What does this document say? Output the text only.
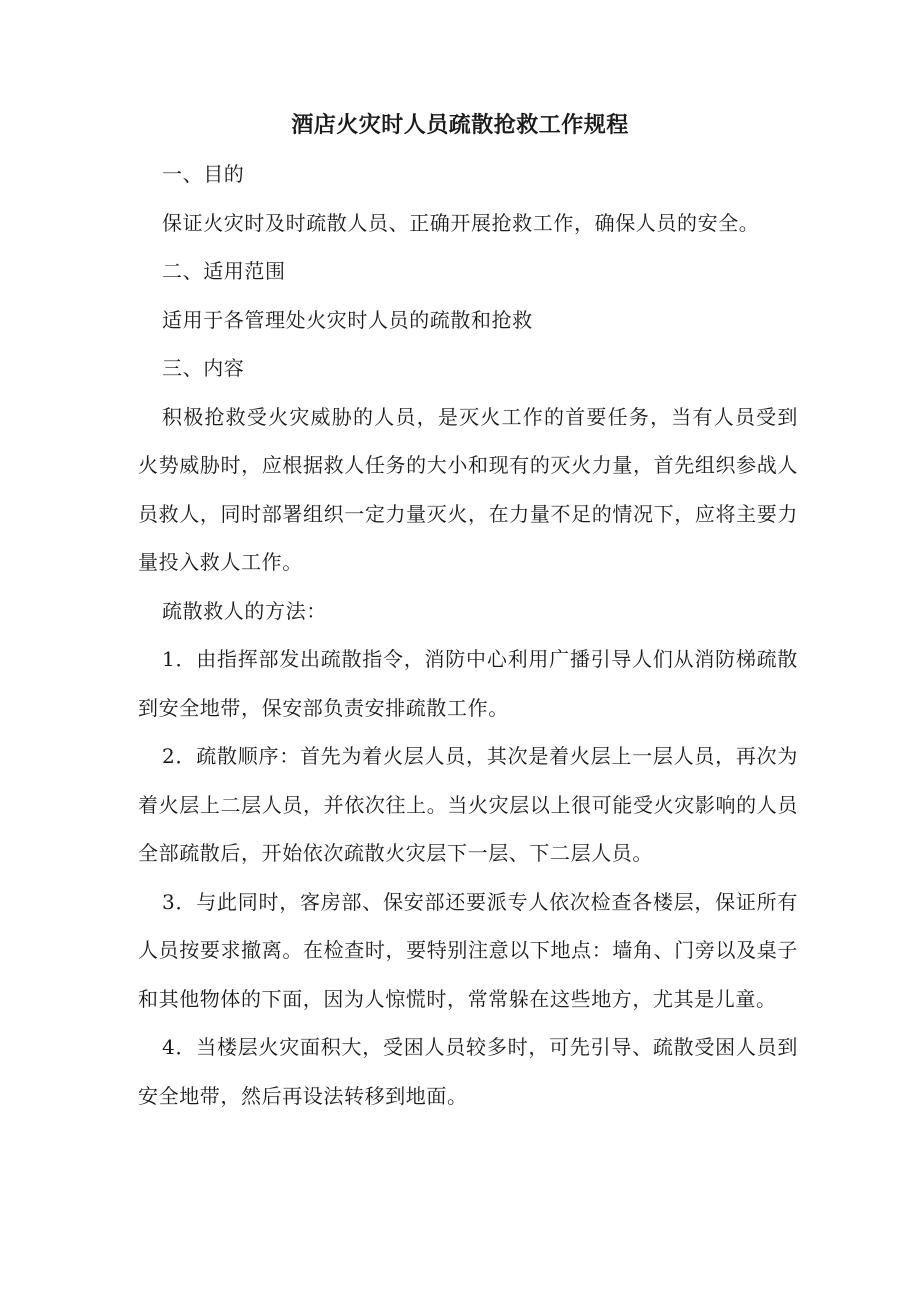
酒店火灾时人员疏散抢救工作规程

一、目的

保证火灾时及时疏散人员、正确开展抢救工作，确保人员的安全。

二、适用范围

适用于各管理处火灾时人员的疏散和抢救

三、内容

积极抢救受火灾威胁的人员，是灭火工作的首要任务，当有人员受到火势威胁时，应根据救人任务的大小和现有的灭火力量，首先组织参战人员救人，同时部署组织一定力量灭火，在力量不足的情况下，应将主要力量投入救人工作。

疏散救人的方法：

1．由指挥部发出疏散指令，消防中心利用广播引导人们从消防梯疏散到安全地带，保安部负责安排疏散工作。

2．疏散顺序：首先为着火层人员，其次是着火层上一层人员，再次为着火层上二层人员，并依次往上。当火灾层以上很可能受火灾影响的人员全部疏散后，开始依次疏散火灾层下一层、下二层人员。

3．与此同时，客房部、保安部还要派专人依次检查各楼层，保证所有人员按要求撤离。在检查时，要特别注意以下地点：墙角、门旁以及桌子和其他物体的下面，因为人惊慌时，常常躲在这些地方，尤其是儿童。

4．当楼层火灾面积大，受困人员较多时，可先引导、疏散受困人员到安全地带，然后再设法转移到地面。
